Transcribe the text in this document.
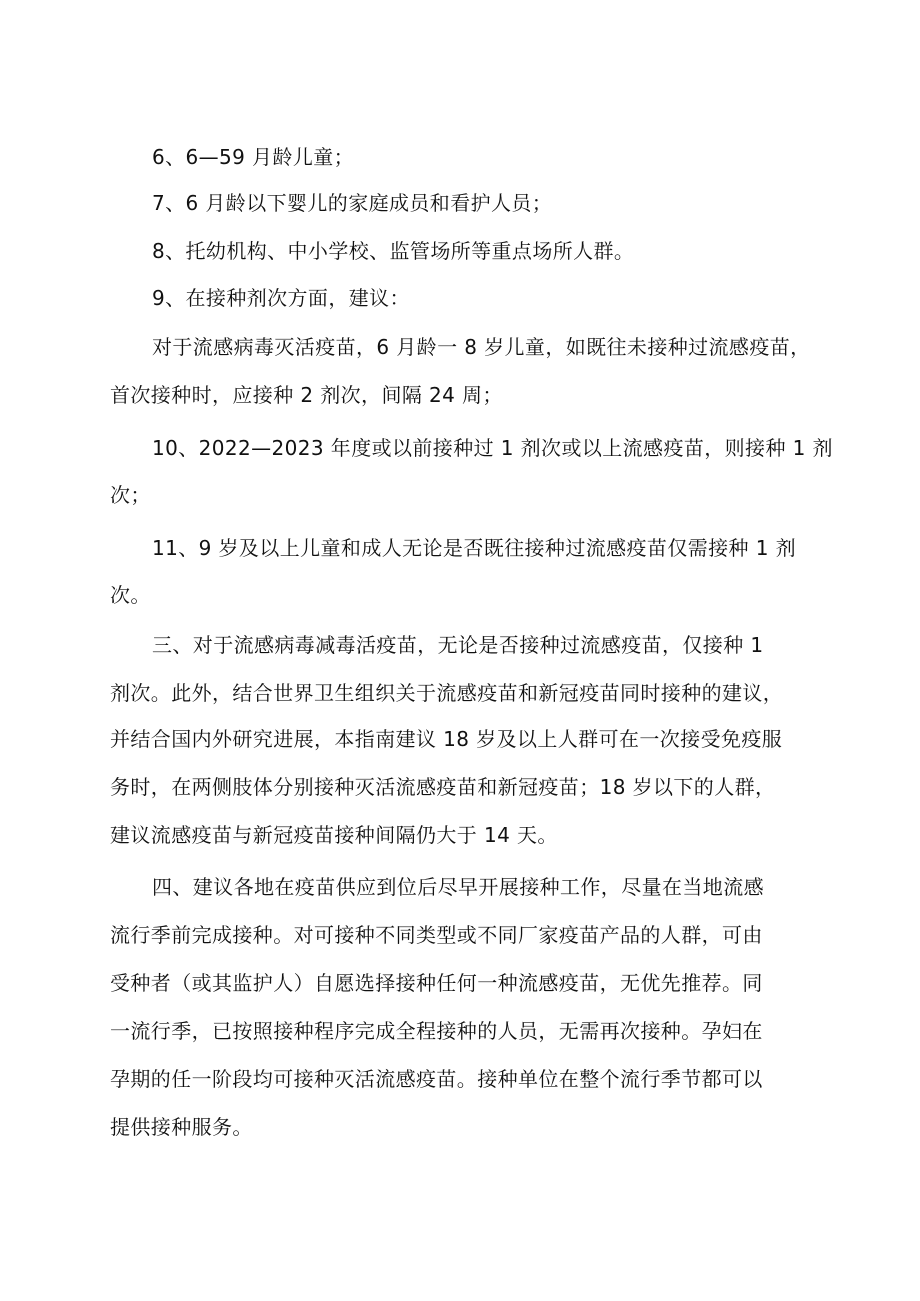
6、6—59 月龄儿童；
7、6 月龄以下婴儿的家庭成员和看护人员；
8、托幼机构、中小学校、监管场所等重点场所人群。
9、在接种剂次方面，建议：
对于流感病毒灭活疫苗，6 月龄一 8 岁儿童，如既往未接种过流感疫苗，
首次接种时，应接种 2 剂次，间隔 24 周；
10、2022—2023 年度或以前接种过 1 剂次或以上流感疫苗，则接种 1 剂
次；
11、9 岁及以上儿童和成人无论是否既往接种过流感疫苗仅需接种 1 剂
次。
三、对于流感病毒减毒活疫苗，无论是否接种过流感疫苗，仅接种 1
剂次。此外，结合世界卫生组织关于流感疫苗和新冠疫苗同时接种的建议，
并结合国内外研究进展，本指南建议 18 岁及以上人群可在一次接受免疫服
务时，在两侧肢体分别接种灭活流感疫苗和新冠疫苗；18 岁以下的人群，
建议流感疫苗与新冠疫苗接种间隔仍大于 14 天。
四、建议各地在疫苗供应到位后尽早开展接种工作，尽量在当地流感
流行季前完成接种。对可接种不同类型或不同厂家疫苗产品的人群，可由
受种者（或其监护人）自愿选择接种任何一种流感疫苗，无优先推荐。同
一流行季，已按照接种程序完成全程接种的人员，无需再次接种。孕妇在
孕期的任一阶段均可接种灭活流感疫苗。接种单位在整个流行季节都可以
提供接种服务。
